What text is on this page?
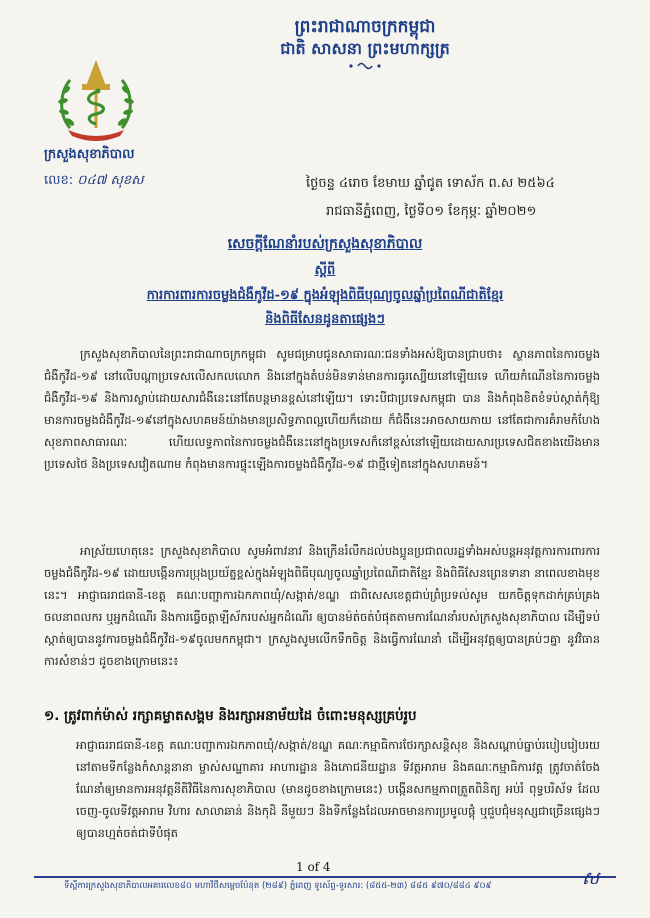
ព្រះរាជាណាចក្រកម្ពុជា
ជាតិ សាសនា ព្រះមហាក្សត្រ
ក្រសួងសុខាភិបាល
លេខ: ០៤៧ សុខស	ថ្ងៃចន្ទ ៤រោច ខែមាឃ ឆ្នាំជូត ទោស័ក ព.ស ២៥៦៤
រាជធានីភ្នំពេញ, ថ្ងៃទី០១ ខែកុម្ភៈ ឆ្នាំ២០២១
សេចក្តីណែនាំរបស់ក្រសួងសុខាភិបាល
ស្តីពី
ការការពារការចម្លងជំងឺកូវីដ-១៩ ក្នុងអំឡុងពិធីបុណ្យចូលឆ្នាំប្រពៃណីជាតិខ្មែរ
និងពិធីសែនដូនតាផ្សេងៗ
ក្រសួងសុខាភិបាលនៃព្រះរាជាណាចក្រកម្ពុជា សូមជម្រាបជូនសាធារណៈជនទាំងអស់ឱ្យបានជ្រាបថា៖ ស្ថានភាពនៃការចម្លងជំងឺកូវីដ-១៩ នៅលើបណ្តាប្រទេសលើសកលលោក និងនៅក្នុងតំបន់មិនទាន់មានការធូរស្បើយនៅឡើយទេ ហើយកំណើននៃការចម្លងជំងឺកូវីដ-១៩ និងការស្លាប់ដោយសារជំងឺនេះនៅតែបន្តមានខ្ពស់នៅឡើយ។ ទោះបីជាប្រទេសកម្ពុជា បាន និងកំពុងខិតខំទប់ស្កាត់កុំឱ្យមានការចម្លងជំងឺកូវីដ-១៩នៅក្នុងសហគមន៍យ៉ាងមានប្រសិទ្ធភាពល្អហើយក៏ដោយ ក៏ជំងឺនេះអាចសាយភាយ នៅតែជាការគំរាមកំហែងសុខភាពសាធារណៈ ហើយលទ្ធភាពនៃការចម្លងជំងឺនេះនៅក្នុងប្រទេសក៏នៅខ្ពស់នៅឡើយដោយសារប្រទេសជិតខាងយើងមាន ប្រទេសថៃ និងប្រទេសវៀតណាម កំពុងមានការផ្ទុះឡើងការចម្លងជំងឺកូវីដ-១៩ ជាថ្មីទៀតនៅក្នុងសហគមន៍។
អាស្រ័យហេតុនេះ ក្រសួងសុខាភិបាល សូមអំពាវនាវ និងក្រើនរំលឹកដល់បងប្អូនប្រជាពលរដ្ឋទាំងអស់បន្តអនុវត្តការការពារការចម្លងជំងឺកូវីដ-១៩ ដោយបង្កើនការប្រុងប្រយ័ត្នខ្ពស់ក្នុងអំឡុងពិធីបុណ្យចូលឆ្នាំប្រពៃណីជាតិខ្មែរ និងពិធីសែនព្រេនទានា នាពេលខាងមុខនេះ។ អាជ្ញាធររាជធានី-ខេត្ត គណៈបញ្ជាការឯកភាពឃុំ/សង្កាត់/ខណ្ឌ ជាពិសេសខេត្តជាប់ព្រំប្រទល់សូម យកចិត្តទុកដាក់គ្រប់គ្រងចលនាពលករ ឬអ្នកដំណើរ និងការធ្វើចត្តាឡីស័ករបស់អ្នកដំណើរ ឲ្យបានម៉ត់ចត់បំផុតតាមការណែនាំរបស់ក្រសួងសុខាភិបាល ដើម្បីទប់ស្កាត់ឲ្យបាននូវការចម្លងជំងឺកូវីដ-១៩ចូលមកកម្ពុជា។ ក្រសួងសូមលើកទឹកចិត្ត និងធ្វើការណែនាំ ដើម្បីអនុវត្តឲ្យបានគ្រប់ៗគ្នា នូវវិធានការសំខាន់ៗ ដូចខាងក្រោមនេះ៖
១. ត្រូវពាក់ម៉ាស់ រក្សាគម្លាតសង្គម និងរក្សាអនាម័យដៃ ចំពោះមនុស្សគ្រប់រូប
អាជ្ញាធររាជធានី-ខេត្ត គណៈបញ្ជាការឯកភាពឃុំ/សង្កាត់/ខណ្ឌ គណៈកម្មាធិការថែរក្សាសន្តិសុខ និងសណ្តាប់ធ្នាប់របៀបរៀបរយ នៅតាមទីកន្លែងកំសាន្តនានា ម្ចាស់សណ្ឋាគារ អាហារដ្ឋាន និងភោជនីយដ្ឋាន ទីវត្តអារាម និងគណៈកម្មាធិការវត្ត ត្រូវចាត់ចែងណែនាំឲ្យមានការអនុវត្តនីតិវិធីនៃការសុខាភិបាល (មានដូចខាងក្រោមនេះ) បង្កើនសកម្មភាពត្រួតពិនិត្យ អប់រំ ពុទ្ធបរិស័ទ ដែលចេញ-ចូលទីវត្តអារាម វិហារ សាលាឆាន់ និងកុដិ នីមួយៗ និងទីកន្លែងដែលអាចមានការប្រមូលផ្តុំ ឬជួបជុំមនុស្សជាច្រើនផ្សេងៗ ឲ្យបានហ្មត់ចត់ជាទីបំផុត
1 of 4
ទីស្តីការក្រសួងសុខាភិបាលអគារលេខ៨០ មហាវិថីសម្តេចប៉ែនុត (២៨៩) ភ្នំពេញ ទូរស័ព្ទ-ទូរសារ: (៨៥៥-២៣) ៨៨៥ ៩៧០/៨៨៤ ៩០៩	ស
